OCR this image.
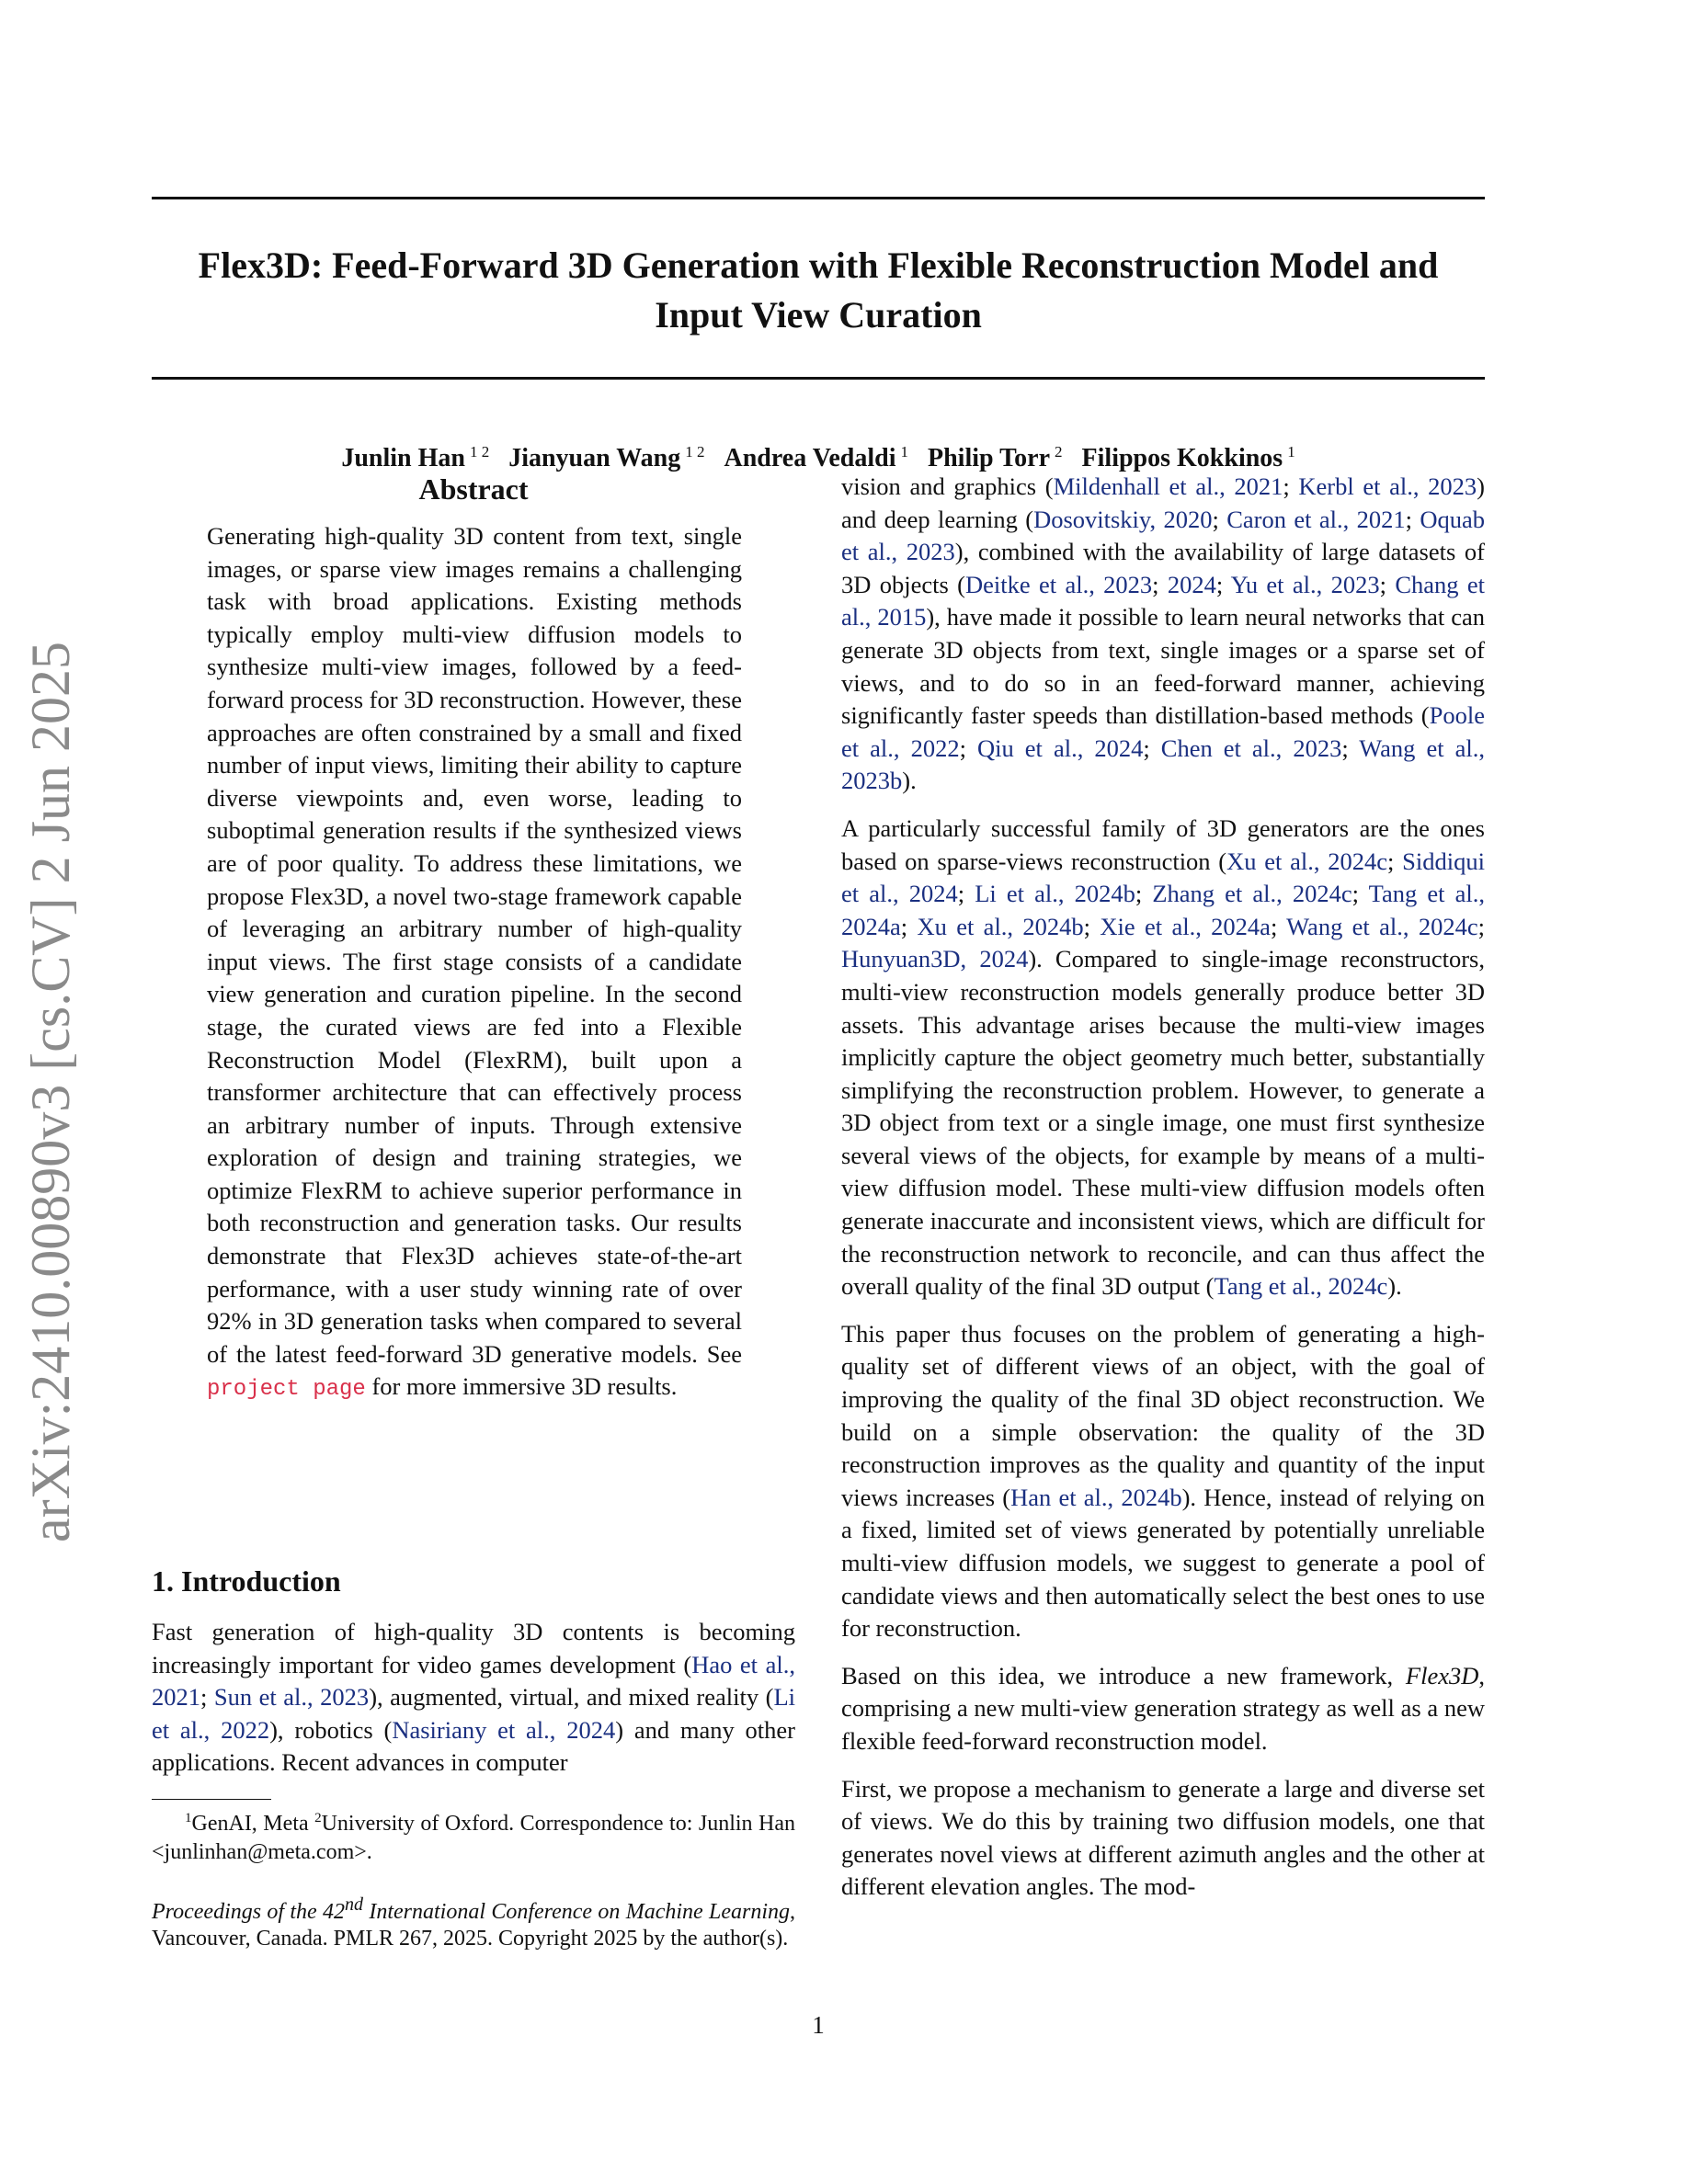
Flex3D: Feed-Forward 3D Generation with Flexible Reconstruction Model and Input View Curation
Junlin Han $^{1 2}$ Jianyuan Wang $^{1 2}$ Andrea Vedaldi $^1$ Philip Torr $^2$ Filippos Kokkinos $^1$
arXiv:2410.00890v3 [cs.CV] 2 Jun 2025
Abstract

Generating high-quality 3D content from text, single images, or sparse view images remains a challenging task with broad applications. Existing methods typically employ multi-view diffusion models to synthesize multi-view images, followed by a feed-forward process for 3D reconstruction. However, these approaches are often constrained by a small and fixed number of input views, limiting their ability to capture diverse viewpoints and, even worse, leading to suboptimal generation results if the synthesized views are of poor quality. To address these limitations, we propose Flex3D, a novel two-stage framework capable of leveraging an arbitrary number of high-quality input views. The first stage consists of a candidate view generation and curation pipeline. In the second stage, the curated views are fed into a Flexible Reconstruction Model (FlexRM), built upon a transformer architecture that can effectively process an arbitrary number of inputs. Through extensive exploration of design and training strategies, we optimize FlexRM to achieve superior performance in both reconstruction and generation tasks. Our results demonstrate that Flex3D achieves state-of-the-art performance, with a user study winning rate of over 92% in 3D generation tasks when compared to several of the latest feed-forward 3D generative models. See project page for more immersive 3D results.

1. Introduction

Fast generation of high-quality 3D contents is becoming increasingly important for video games development (Hao et al., 2021; Sun et al., 2023), augmented, virtual, and mixed reality (Li et al., 2022), robotics (Nasiriany et al., 2024) and many other applications. Recent advances in computer

$^1$GenAI, Meta $^2$University of Oxford. Correspondence to: Junlin Han <junlinhan@meta.com>.

Proceedings of the 42nd International Conference on Machine Learning, Vancouver, Canada. PMLR 267, 2025. Copyright 2025 by the author(s).

vision and graphics (Mildenhall et al., 2021; Kerbl et al., 2023) and deep learning (Dosovitskiy, 2020; Caron et al., 2021; Oquab et al., 2023), combined with the availability of large datasets of 3D objects (Deitke et al., 2023; 2024; Yu et al., 2023; Chang et al., 2015), have made it possible to learn neural networks that can generate 3D objects from text, single images or a sparse set of views, and to do so in an feed-forward manner, achieving significantly faster speeds than distillation-based methods (Poole et al., 2022; Qiu et al., 2024; Chen et al., 2023; Wang et al., 2023b).

A particularly successful family of 3D generators are the ones based on sparse-views reconstruction (Xu et al., 2024c; Siddiqui et al., 2024; Li et al., 2024b; Zhang et al., 2024c; Tang et al., 2024a; Xu et al., 2024b; Xie et al., 2024a; Wang et al., 2024c; Hunyuan3D, 2024). Compared to single-image reconstructors, multi-view reconstruction models generally produce better 3D assets. This advantage arises because the multi-view images implicitly capture the object geometry much better, substantially simplifying the reconstruction problem. However, to generate a 3D object from text or a single image, one must first synthesize several views of the objects, for example by means of a multi-view diffusion model. These multi-view diffusion models often generate inaccurate and inconsistent views, which are difficult for the reconstruction network to reconcile, and can thus affect the overall quality of the final 3D output (Tang et al., 2024c).

This paper thus focuses on the problem of generating a high-quality set of different views of an object, with the goal of improving the quality of the final 3D object reconstruction. We build on a simple observation: the quality of the 3D reconstruction improves as the quality and quantity of the input views increases (Han et al., 2024b). Hence, instead of relying on a fixed, limited set of views generated by potentially unreliable multi-view diffusion models, we suggest to generate a pool of candidate views and then automatically select the best ones to use for reconstruction.

Based on this idea, we introduce a new framework, Flex3D, comprising a new multi-view generation strategy as well as a new flexible feed-forward reconstruction model.

First, we propose a mechanism to generate a large and diverse set of views. We do this by training two diffusion models, one that generates novel views at different azimuth angles and the other at different elevation angles. The mod-

1
